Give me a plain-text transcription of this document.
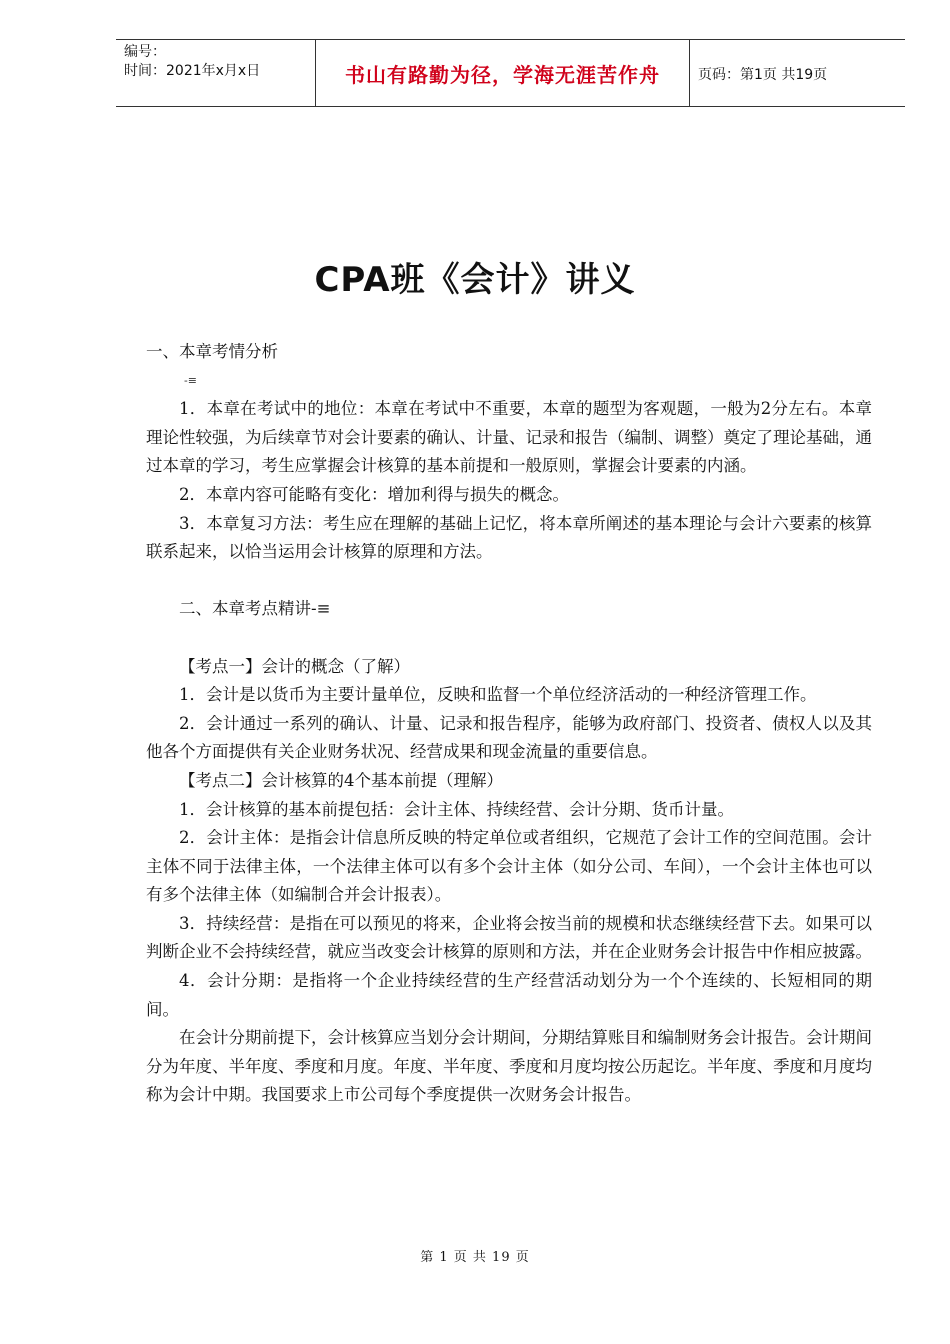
编号：
时间：2021年x月x日	书山有路勤为径，学海无涯苦作舟	页码：第1页 共19页
CPA班《会计》讲义

一、本章考情分析

-≡

1．本章在考试中的地位：本章在考试中不重要，本章的题型为客观题，一般为2分左右。本章理论性较强，为后续章节对会计要素的确认、计量、记录和报告（编制、调整）奠定了理论基础，通过本章的学习，考生应掌握会计核算的基本前提和一般原则，掌握会计要素的内涵。

2．本章内容可能略有变化：增加利得与损失的概念。

3．本章复习方法：考生应在理解的基础上记忆，将本章所阐述的基本理论与会计六要素的核算联系起来，以恰当运用会计核算的原理和方法。

二、本章考点精讲-≡

【考点一】会计的概念（了解）

1．会计是以货币为主要计量单位，反映和监督一个单位经济活动的一种经济管理工作。

2．会计通过一系列的确认、计量、记录和报告程序，能够为政府部门、投资者、债权人以及其他各个方面提供有关企业财务状况、经营成果和现金流量的重要信息。

【考点二】会计核算的4个基本前提（理解）

1．会计核算的基本前提包括：会计主体、持续经营、会计分期、货币计量。

2．会计主体：是指会计信息所反映的特定单位或者组织，它规范了会计工作的空间范围。会计主体不同于法律主体，一个法律主体可以有多个会计主体（如分公司、车间），一个会计主体也可以有多个法律主体（如编制合并会计报表）。

3．持续经营：是指在可以预见的将来，企业将会按当前的规模和状态继续经营下去。如果可以判断企业不会持续经营，就应当改变会计核算的原则和方法，并在企业财务会计报告中作相应披露。

4．会计分期：是指将一个企业持续经营的生产经营活动划分为一个个连续的、长短相同的期间。

在会计分期前提下，会计核算应当划分会计期间，分期结算账目和编制财务会计报告。会计期间分为年度、半年度、季度和月度。年度、半年度、季度和月度均按公历起讫。半年度、季度和月度均称为会计中期。我国要求上市公司每个季度提供一次财务会计报告。

第 1 页 共 19 页
